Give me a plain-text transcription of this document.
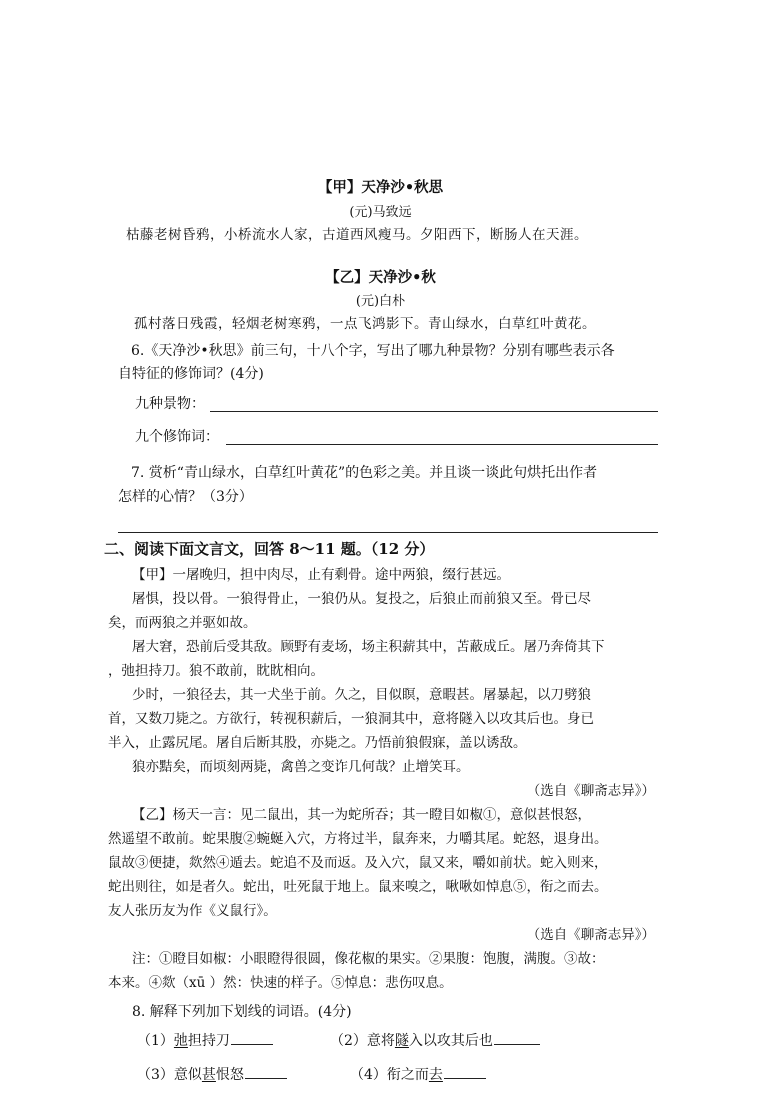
【甲】天净沙•秋思
(元)马致远
枯藤老树昏鸦，小桥流水人家，古道西风瘦马。夕阳西下，断肠人在天涯。
【乙】天净沙•秋
(元)白朴
孤村落日残霞，轻烟老树寒鸦，一点飞鸿影下。青山绿水，白草红叶黄花。
6.《天净沙•秋思》前三句，十八个字，写出了哪九种景物？分别有哪些表示各
自特征的修饰词？(4分)
九种景物：
九个修饰词：
7. 赏析“青山绿水，白草红叶黄花”的色彩之美。并且谈一谈此句烘托出作者
怎样的心情？（3分）
二、阅读下面文言文，回答 8～11 题。（12 分）
【甲】一屠晚归，担中肉尽，止有剩骨。途中两狼，缀行甚远。
屠惧，投以骨。一狼得骨止，一狼仍从。复投之，后狼止而前狼又至。骨已尽
矣，而两狼之并驱如故。
屠大窘，恐前后受其敌。顾野有麦场，场主积薪其中，苫蔽成丘。屠乃奔倚其下
，弛担持刀。狼不敢前，眈眈相向。
少时，一狼径去，其一犬坐于前。久之，目似瞑，意暇甚。屠暴起，以刀劈狼
首，又数刀毙之。方欲行，转视积薪后，一狼洞其中，意将隧入以攻其后也。身已
半入，止露尻尾。屠自后断其股，亦毙之。乃悟前狼假寐，盖以诱敌。
狼亦黠矣，而顷刻两毙，禽兽之变诈几何哉？止增笑耳。
（选自《聊斋志异》）
【乙】杨天一言：见二鼠出，其一为蛇所吞；其一瞪目如椒①，意似甚恨怒，
然遥望不敢前。蛇果腹②蜿蜒入穴，方将过半，鼠奔来，力嚼其尾。蛇怒，退身出。
鼠故③便捷，欻然④遁去。蛇追不及而返。及入穴，鼠又来，嚼如前状。蛇入则来，
蛇出则往，如是者久。蛇出，吐死鼠于地上。鼠来嗅之，啾啾如悼息⑤，衔之而去。
友人张历友为作《义鼠行》。
（选自《聊斋志异》）
注：①瞪目如椒：小眼瞪得很圆，像花椒的果实。②果腹：饱腹，满腹。③故：
本来。④欻（xū ）然：快速的样子。⑤悼息：悲伤叹息。
8. 解释下列加下划线的词语。(4分)
（1）弛担持刀	（2）意将隧入以攻其后也
（3）意似甚恨怒	（4）衔之而去
